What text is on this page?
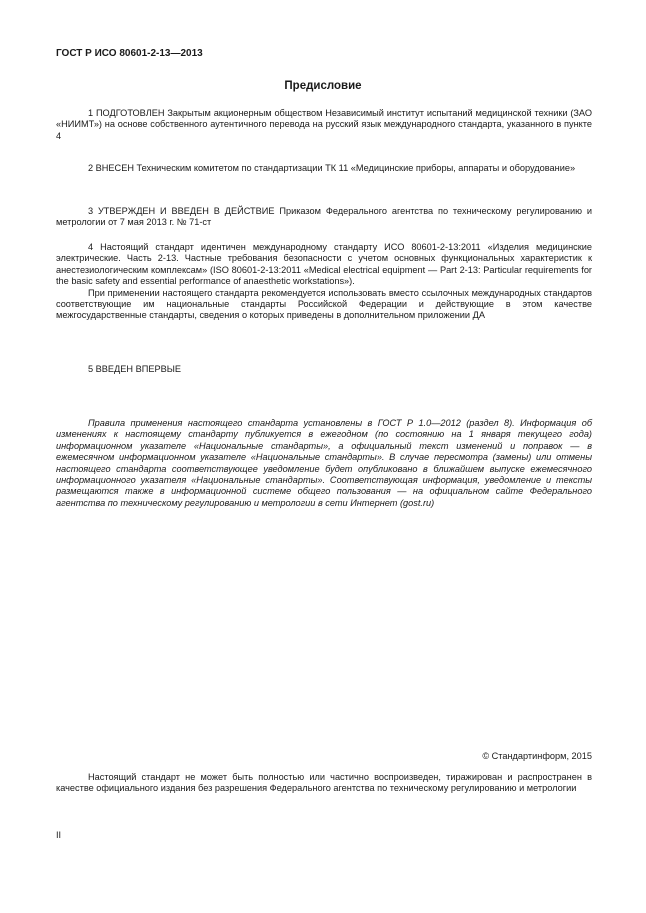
ГОСТ Р ИСО 80601-2-13—2013
Предисловие

1 ПОДГОТОВЛЕН Закрытым акционерным обществом Независимый институт испытаний медицинской техники (ЗАО «НИИМТ») на основе собственного аутентичного перевода на русский язык международного стандарта, указанного в пункте 4

2 ВНЕСЕН Техническим комитетом по стандартизации ТК 11 «Медицинские приборы, аппараты и оборудование»

3 УТВЕРЖДЕН И ВВЕДЕН В ДЕЙСТВИЕ Приказом Федерального агентства по техническому регулированию и метрологии от 7 мая 2013 г. № 71-ст

4 Настоящий стандарт идентичен международному стандарту ИСО 80601-2-13:2011 «Изделия медицинские электрические. Часть 2-13. Частные требования безопасности с учетом основных функциональных характеристик к анестезиологическим комплексам» (ISO 80601-2-13:2011 «Medical electrical equipment — Part 2-13: Particular requirements for the basic safety and essential performance of anaesthetic workstations»).

При применении настоящего стандарта рекомендуется использовать вместо ссылочных международных стандартов соответствующие им национальные стандарты Российской Федерации и действующие в этом качестве межгосударственные стандарты, сведения о которых приведены в дополнительном приложении ДА

5 ВВЕДЕН ВПЕРВЫЕ

Правила применения настоящего стандарта установлены в ГОСТ Р 1.0—2012 (раздел 8). Информация об изменениях к настоящему стандарту публикуется в ежегодном (по состоянию на 1 января текущего года) информационном указателе «Национальные стандарты», а официальный текст изменений и поправок — в ежемесячном информационном указателе «Национальные стандарты». В случае пересмотра (замены) или отмены настоящего стандарта соответствующее уведомление будет опубликовано в ближайшем выпуске ежемесячного информационного указателя «Национальные стандарты». Соответствующая информация, уведомление и тексты размещаются также в информационной системе общего пользования — на официальном сайте Федерального агентства по техническому регулированию и метрологии в сети Интернет (gost.ru)

© Стандартинформ, 2015

Настоящий стандарт не может быть полностью или частично воспроизведен, тиражирован и распространен в качестве официального издания без разрешения Федерального агентства по техническому регулированию и метрологии

II
